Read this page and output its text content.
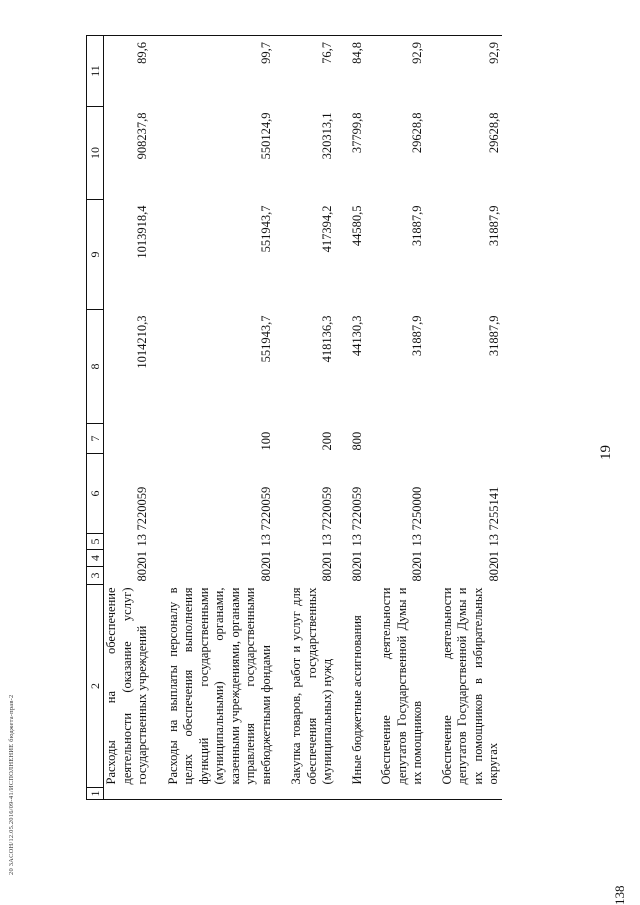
20 3ACOH/12.05.2016/09-41/ИСПОЛНЕНИЕ бюджета-прав-2
19
138
1	2	3	4	5	6	7	8	9	10	11
	Расходы на обеспечение деятельности (оказание услуг) государственных учреждений	802	01	13	7220059		1014210,3	1013918,4	908237,8	89,6
	Расходы на выплаты персоналу в целях обеспечения выполнения функций государственными (муниципальными) органами, казенными учреждениями, органами управления государственными внебюджетными фондами	802	01	13	7220059	100	551943,7	551943,7	550124,9	99,7
	Закупка товаров, работ и услуг для обеспечения государственных (муниципальных) нужд	802	01	13	7220059	200	418136,3	417394,2	320313,1	76,7
	Иные бюджетные ассигнования	802	01	13	7220059	800	44130,3	44580,5	37799,8	84,8
	Обеспечение деятельности депутатов Государственной Думы и их помощников	802	01	13	7250000		31887,9	31887,9	29628,8	92,9
	Обеспечение деятельности депутатов Государственной Думы и их помощников в избирательных округах	802	01	13	7255141		31887,9	31887,9	29628,8	92,9
